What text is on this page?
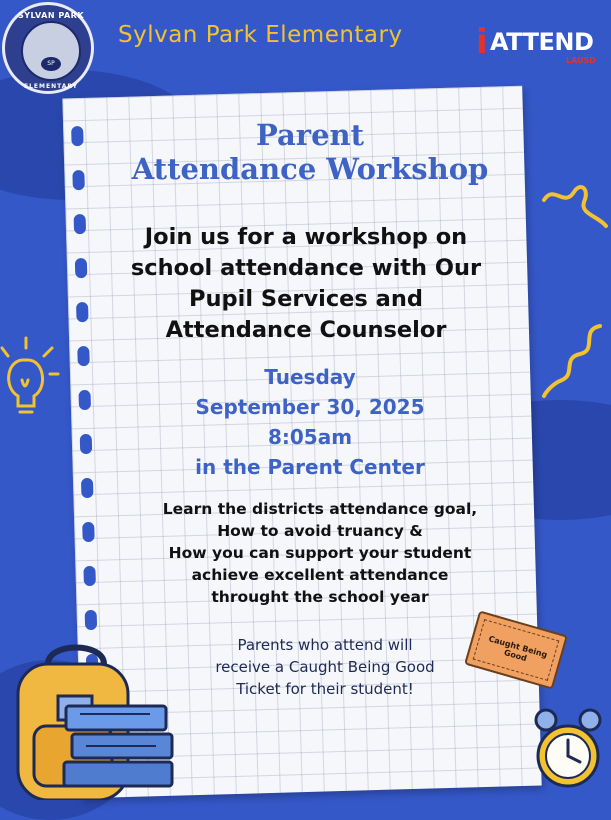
SYLVAN PARK
SP
ELEMENTARY
Sylvan Park Elementary	i ATTEND
LAUSD
Parent
Attendance Workshop
Join us for a workshop on
school attendance with Our
Pupil Services and
Attendance Counselor
Tuesday
September 30, 2025
8:05am
in the Parent Center
Learn the districts attendance goal,
How to avoid truancy &
How you can support your student
achieve excellent attendance
throught the school year
Parents who attend will
receive a Caught Being Good
Ticket for their student!
Caught Being Good
